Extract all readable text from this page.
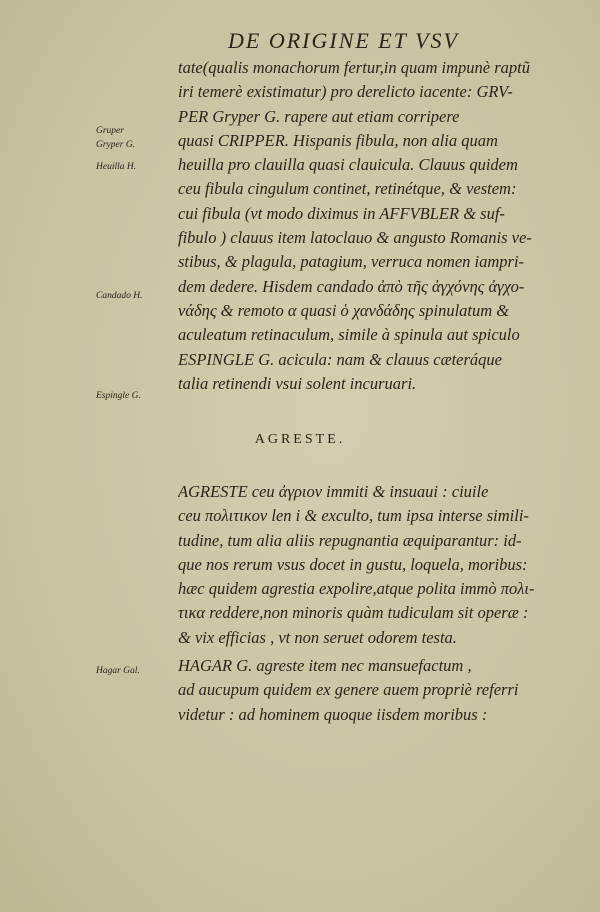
DE ORIGINE ET VSV
Gruper
Gryper G.
Heuilla H.
Candado H.
Espingle G.
Hagar Gal.
tate(qualis monachorum fertur,in quam impunè raptũ
iri temerè existimatur) pro derelicto iacente: GRV-
PER Gryper G. rapere aut etiam corripere
quasi CRIPPER. Hispanis fibula, non alia quam
heuilla pro clauilla quasi clauicula. Clauus quidem
ceu fibula cingulum continet, retinétque, & vestem:
cui fibula (vt modo diximus in AFFVBLER & suf-
fibulo ) clauus item latoclauo & angusto Romanis ve-
stibus, & plagula, patagium, verruca nomen iampri-
dem dedere. Hisdem candado ἀπὸ τῆς ἀγχόνης ἀγχο-
νάδης & remoto α quasi ὁ χανδάδης spinulatum &
aculeatum retinaculum, simile à spinula aut spiculo
ESPINGLE G. acicula: nam & clauus cæteráque
talia retinendi vsui solent incuruari.
AGRESTE.
AGRESTE ceu ἀγριον immiti & insuaui : ciuile
ceu πολιτικον len i & exculto, tum ipsa interse simili-
tudine, tum alia aliis repugnantia æquiparantur: id-
que nos rerum vsus docet in gustu, loquela, moribus:
hæc quidem agrestia expolire,atque polita immò πολι-
τικα reddere,non minoris quàm tudiculam sit operæ :
& vix efficias , vt non seruet odorem testa.
HAGAR G. agreste item nec mansuefactum ,
ad aucupum quidem ex genere auem propriè referri
videtur : ad hominem quoque iisdem moribus :
